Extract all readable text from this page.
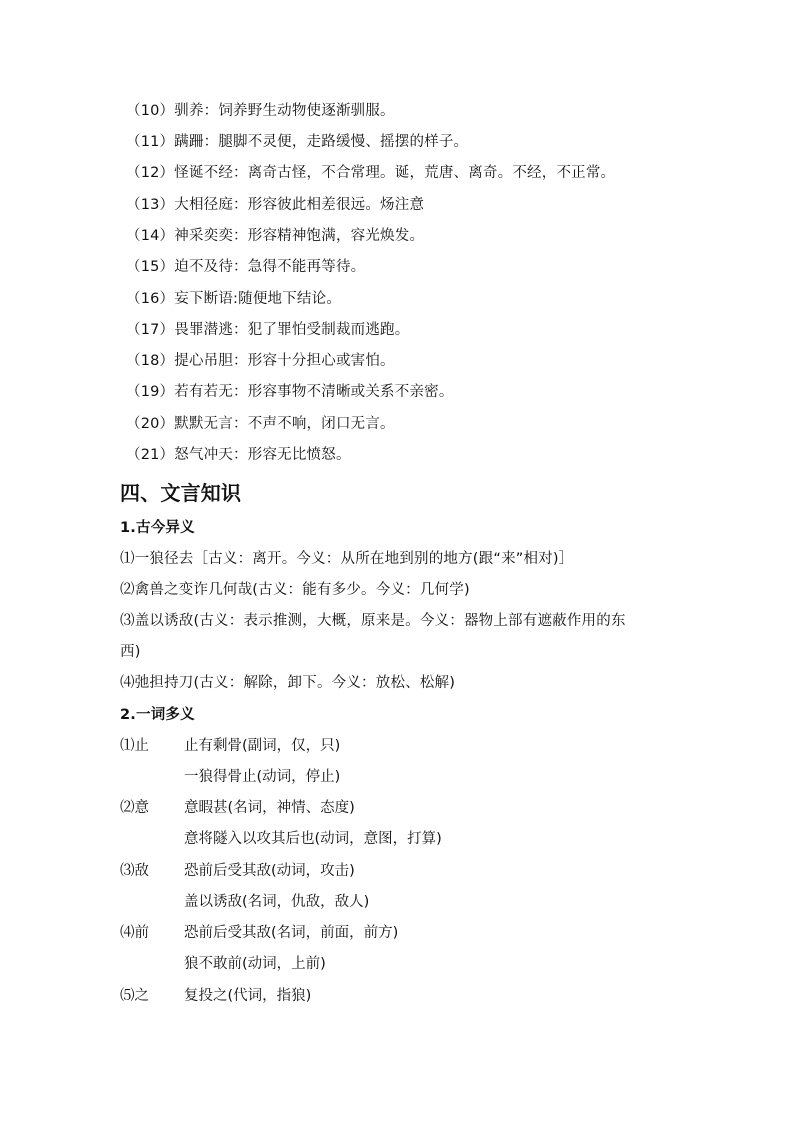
（10）驯养：饲养野生动物使逐渐驯服。
（11）蹒跚：腿脚不灵便，走路缓慢、摇摆的样子。
（12）怪诞不经：离奇古怪，不合常理。诞，荒唐、离奇。不经，不正常。
（13）大相径庭：形容彼此相差很远。炀注意
（14）神采奕奕：形容精神饱满，容光焕发。
（15）迫不及待：急得不能再等待。
（16）妄下断语:随便地下结论。
（17）畏罪潜逃：犯了罪怕受制裁而逃跑。
（18）提心吊胆：形容十分担心或害怕。
（19）若有若无：形容事物不清晰或关系不亲密。
（20）默默无言：不声不响，闭口无言。
（21）怒气冲天：形容无比愤怒。
四、文言知识
1.古今异义
⑴一狼径去［古义：离开。今义：从所在地到别的地方(跟“来”相对)］
⑵禽兽之变诈几何哉(古义：能有多少。今义：几何学)
⑶盖以诱敌(古义：表示推测，大概，原来是。今义：器物上部有遮蔽作用的东
西)
⑷弛担持刀(古义：解除，卸下。今义：放松、松解)
2.一词多义
⑴止 止有剩骨(副词，仅，只)
一狼得骨止(动词，停止)
⑵意 意暇甚(名词，神情、态度)
意将隧入以攻其后也(动词，意图，打算)
⑶敌 恐前后受其敌(动词，攻击)
盖以诱敌(名词，仇敌，敌人)
⑷前 恐前后受其敌(名词，前面，前方)
狼不敢前(动词，上前)
⑸之 复投之(代词，指狼)
